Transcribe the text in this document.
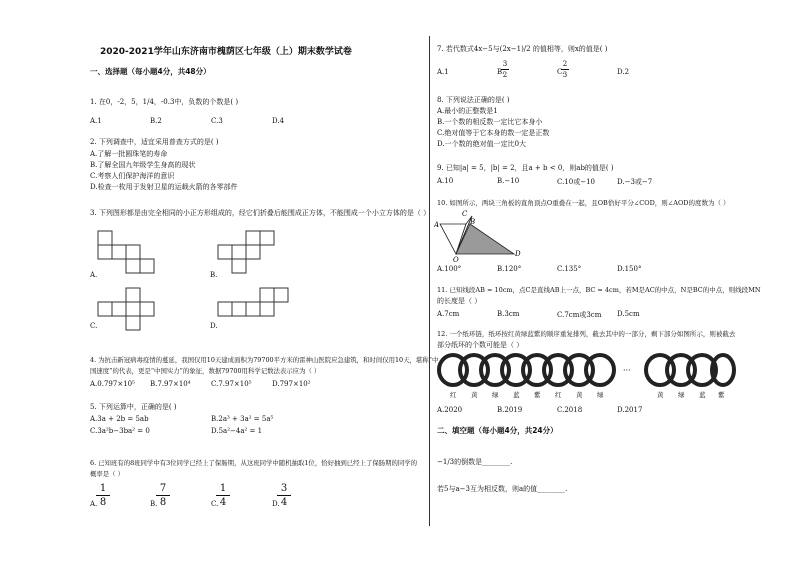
2020-2021学年山东济南市槐荫区七年级（上）期末数学试卷
一、选择题（每小题4分，共48分）
1. 在0，-2，5，1/4，-0.3中，负数的个数是( )
A.1	B.2	C.3	D.4
2. 下列调查中，适宜采用普查方式的是( )
A.了解一批圆珠笔的寿命
B.了解全国九年级学生身高的现状
C.考察人们保护海洋的意识
D.检查一枚用于发射卫星的运载火箭的各零部件
3. 下列图形都是由完全相同的小正方形组成的，经它们折叠后能围成正方体，不能围成一个小立方体的是（ ）
A.	B.
C.	D.
4. 为抗击新冠病毒疫情的蔓延，我国仅用10天建成面积为79700平方米的雷神山医院应急建筑，和时间仅用10天，堪称“中
国速度”的代表，更是“中国实力”的象征，数据79700用科学记数法表示应为（ ）
A.0.797×10⁵ B.7.97×10⁴	C.7.97×10⁵	D.797×10²
5. 下列运算中，正确的是( )
A.3a + 2b = 5ab	B.2a³ + 3a² = 5a⁵
C.3a²b−3ba² = 0	D.5a²−4a² = 1
6. 已知班有的8班同学中有3位同学已经上了保肠期，从这班同学中随机抽取1位，恰好抽到已经上了保肠期的同学的
概率是（ ）
A.
1
8	B.
7
8	C.
1
4	D.
3
4
7. 若代数式4x−5与(2x−1)/2 的值相等，则x的值是( )
A.1	B.
3
2	C.
2
3	D.2
8. 下列说法正确的是( )
A.最小的正整数是1
B.一个数的相反数一定比它本身小
C.绝对值等于它本身的数一定是正数
D.一个数的绝对值一定比0大
9. 已知|a| = 5，|b| = 2，且a + b < 0，则ab的值是( )
A.10	B.−10	C.10或−10	D.−3或−7
10. 如图所示，两块三角板的直角顶点O重叠在一起，且OB恰好平分∠COD，则∠AOD的度数为（ ）
A
C
B
O
D
A.100°	B.120°	C.135°	D.150°
11. 已知线段AB = 10cm，点C是直线AB上一点，BC = 4cm，若M是AC的中点，N是BC的中点，则线段MN
的长度是（ ）
A.7cm	B.3cm	C.7cm或3cm D.5cm
12. 一个纸环链，纸环按红黄绿蓝紫的顺序重复排列，截去其中的一部分，剩下部分如图所示，则被截去
部分纸环的个数可能是（ ）
···
红 黄 绿 蓝 紫 红 黄 绿	黄 绿 蓝 紫
A.2020	B.2019	C.2018	D.2017
二、填空题（每小题4分，共24分）
−1/3的倒数是________.
若5与a−3互为相反数，则a的值________.
